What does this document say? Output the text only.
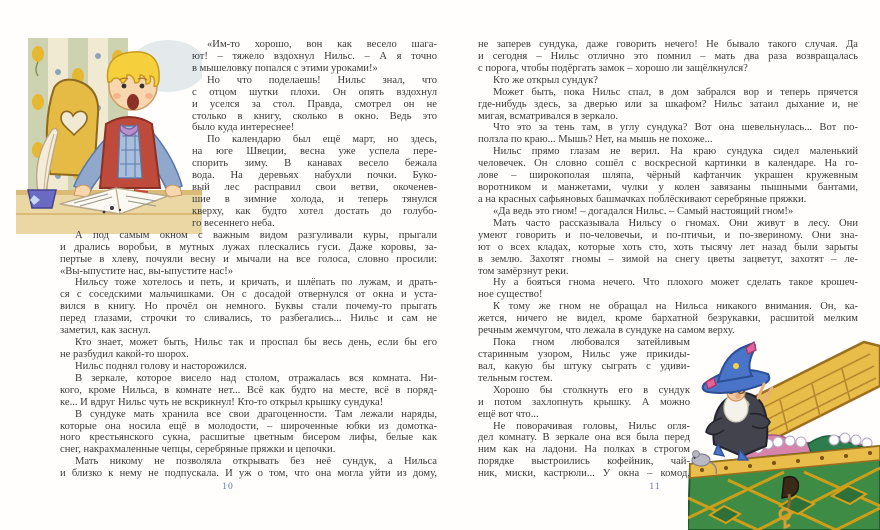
«Им-то хорошо, вон как весело шага-
ют! – тяжело вздохнул Нильс. – А я точно
в мышеловку попался с этими уроками!»
Но что поделаешь! Нильс знал, что
с отцом шутки плохи. Он опять вздохнул
и уселся за стол. Правда, смотрел он не
столько в книгу, сколько в окно. Ведь это
было куда интереснее!
По календарю был ещё март, но здесь,
на юге Швеции, весна уже успела пере-
спорить зиму. В канавах весело бежала
вода. На деревьях набухли почки. Буко-
вый лес расправил свои ветви, окоченев-
шие в зимние холода, и теперь тянулся
кверху, как будто хотел достать до голубо-
го весеннего неба.
А под самым окном с важным видом разгуливали куры, прыгали
и дрались воробьи, в мутных лужах плескались гуси. Даже коровы, за-
пертые в хлеву, почуяли весну и мычали на все голоса, словно просили:
«Вы-ыпустите нас, вы-ыпустите нас!»
Нильсу тоже хотелось и петь, и кричать, и шлёпать по лужам, и драть-
ся с соседскими мальчишками. Он с досадой отвернулся от окна и уста-
вился в книгу. Но прочёл он немного. Буквы стали почему-то прыгать
перед глазами, строчки то сливались, то разбегались... Нильс и сам не
заметил, как заснул.
Кто знает, может быть, Нильс так и проспал бы весь день, если бы его
не разбудил какой-то шорох.
Нильс поднял голову и насторожился.
В зеркале, которое висело над столом, отражалась вся комната. Ни-
кого, кроме Нильса, в комнате нет... Всё как будто на месте, всё в поряд-
ке... И вдруг Нильс чуть не вскрикнул! Кто-то открыл крышку сундука!
В сундуке мать хранила все свои драгоценности. Там лежали наряды,
которые она носила ещё в молодости, – широченные юбки из домотка-
ного крестьянского сукна, расшитые цветным бисером лифы, белые как
снег, накрахмаленные чепцы, серебряные пряжки и цепочки.
Мать никому не позволяла открывать без неё сундук, а Нильса
и близко к нему не подпускала. И уж о том, что она могла уйти из дому,
не заперев сундука, даже говорить нечего! Не бывало такого случая. Да
и сегодня – Нильс отлично это помнил – мать два раза возвращалась
с порога, чтобы подёргать замок – хорошо ли защёлкнулся?
Кто же открыл сундук?
Может быть, пока Нильс спал, в дом забрался вор и теперь прячется
где-нибудь здесь, за дверью или за шкафом? Нильс затаил дыхание и, не
мигая, всматривался в зеркало.
Что это за тень там, в углу сундука? Вот она шевельнулась... Вот по-
ползла по краю... Мышь? Нет, на мышь не похоже...
Нильс прямо глазам не верил. На краю сундука сидел маленький
человечек. Он словно сошёл с воскресной картинки в календаре. На го-
лове – широкополая шляпа, чёрный кафтанчик украшен кружевным
воротником и манжетами, чулки у колен завязаны пышными бантами,
а на красных сафьяновых башмачках поблёскивают серебряные пряжки.
«Да ведь это гном! – догадался Нильс. – Самый настоящий гном!»
Мать часто рассказывала Нильсу о гномах. Они живут в лесу. Они
умеют говорить и по-человечьи, и по-птичьи, и по-звериному. Они зна-
ют о всех кладах, которые хоть сто, хоть тысячу лет назад были зарыты
в землю. Захотят гномы – зимой на снегу цветы зацветут, захотят – ле-
том замёрзнут реки.
Ну а бояться гнома нечего. Что плохого может сделать такое крошеч-
ное существо!
К тому же гном не обращал на Нильса никакого внимания. Он, ка-
жется, ничего не видел, кроме бархатной безрукавки, расшитой мелким
речным жемчугом, что лежала в сундуке на самом верху.
Пока гном любовался затейливым
старинным узором, Нильс уже прикиды-
вал, какую бы штуку сыграть с удиви-
тельным гостем.
Хорошо бы столкнуть его в сундук
и потом захлопнуть крышку. А можно
ещё вот что...
Не поворачивая головы, Нильс огля-
дел комнату. В зеркале она вся была перед
ним как на ладони. На полках в строгом
порядке выстроились кофейник, чай-
ник, миски, кастрюли... У окна – комод,
10	11
